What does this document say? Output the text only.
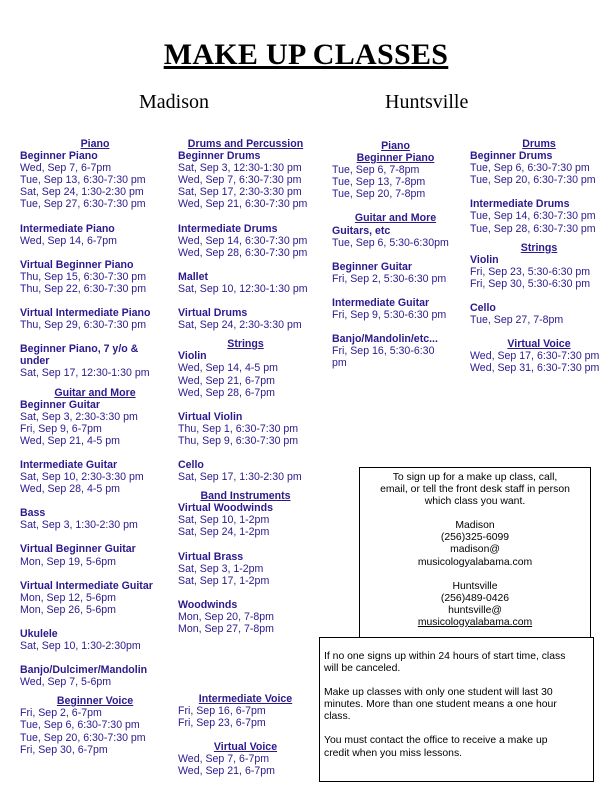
MAKE UP CLASSES
Madison	Huntsville
Piano
Beginner Piano
Wed, Sep 7, 6-7pm
Tue, Sep 13, 6:30-7:30 pm
Sat, Sep 24, 1:30-2:30 pm
Tue, Sep 27, 6:30-7:30 pm
Intermediate Piano
Wed, Sep 14, 6-7pm
Virtual Beginner Piano
Thu, Sep 15, 6:30-7:30 pm
Thu, Sep 22, 6:30-7:30 pm
Virtual Intermediate Piano
Thu, Sep 29, 6:30-7:30 pm
Beginner Piano, 7 y/o &
under
Sat, Sep 17, 12:30-1:30 pm
Guitar and More
Beginner Guitar
Sat, Sep 3, 2:30-3:30 pm
Fri, Sep 9, 6-7pm
Wed, Sep 21, 4-5 pm
Intermediate Guitar
Sat, Sep 10, 2:30-3:30 pm
Wed, Sep 28, 4-5 pm
Bass
Sat, Sep 3, 1:30-2:30 pm
Virtual Beginner Guitar
Mon, Sep 19, 5-6pm
Virtual Intermediate Guitar
Mon, Sep 12, 5-6pm
Mon, Sep 26, 5-6pm
Ukulele
Sat, Sep 10, 1:30-2:30pm
Banjo/Dulcimer/Mandolin
Wed, Sep 7, 5-6pm
Beginner Voice
Fri, Sep 2, 6-7pm
Tue, Sep 6, 6:30-7:30 pm
Tue, Sep 20, 6:30-7:30 pm
Fri, Sep 30, 6-7pm
Drums and Percussion
Beginner Drums
Sat, Sep 3, 12:30-1:30 pm
Wed, Sep 7, 6:30-7:30 pm
Sat, Sep 17, 2:30-3:30 pm
Wed, Sep 21, 6:30-7:30 pm
Intermediate Drums
Wed, Sep 14, 6:30-7:30 pm
Wed, Sep 28, 6:30-7:30 pm
Mallet
Sat, Sep 10, 12:30-1:30 pm
Virtual Drums
Sat, Sep 24, 2:30-3:30 pm
Strings
Violin
Wed, Sep 14, 4-5 pm
Wed, Sep 21, 6-7pm
Wed, Sep 28, 6-7pm
Virtual Violin
Thu, Sep 1, 6:30-7:30 pm
Thu, Sep 9, 6:30-7:30 pm
Cello
Sat, Sep 17, 1:30-2:30 pm
Band Instruments
Virtual Woodwinds
Sat, Sep 10, 1-2pm
Sat, Sep 24, 1-2pm
Virtual Brass
Sat, Sep 3, 1-2pm
Sat, Sep 17, 1-2pm
Woodwinds
Mon, Sep 20, 7-8pm
Mon, Sep 27, 7-8pm
Intermediate Voice
Fri, Sep 16, 6-7pm
Fri, Sep 23, 6-7pm
Virtual Voice
Wed, Sep 7, 6-7pm
Wed, Sep 21, 6-7pm
Piano
Beginner Piano
Tue, Sep 6, 7-8pm
Tue, Sep 13, 7-8pm
Tue, Sep 20, 7-8pm
Guitar and More
Guitars, etc
Tue, Sep 6, 5:30-6:30pm
Beginner Guitar
Fri, Sep 2, 5:30-6:30 pm
Intermediate Guitar
Fri, Sep 9, 5:30-6:30 pm
Banjo/Mandolin/etc...
Fri, Sep 16, 5:30-6:30
pm
Drums
Beginner Drums
Tue, Sep 6, 6:30-7:30 pm
Tue, Sep 20, 6:30-7:30 pm
Intermediate Drums
Tue, Sep 14, 6:30-7:30 pm
Tue, Sep 28, 6:30-7:30 pm
Strings
Violin
Fri, Sep 23, 5:30-6:30 pm
Fri, Sep 30, 5:30-6:30 pm
Cello
Tue, Sep 27, 7-8pm
Virtual Voice
Wed, Sep 17, 6:30-7:30 pm
Wed, Sep 31, 6:30-7:30 pm
To sign up for a make up class, call,
email, or tell the front desk staff in person
which class you want.
Madison
(256)325-6099
madison@
musicologyalabama.com
Huntsville
(256)489-0426
huntsville@
musicologyalabama.com
If no one signs up within 24 hours of start time, class
will be canceled.
Make up classes with only one student will last 30
minutes. More than one student means a one hour
class.
You must contact the office to receive a make up
credit when you miss lessons.
